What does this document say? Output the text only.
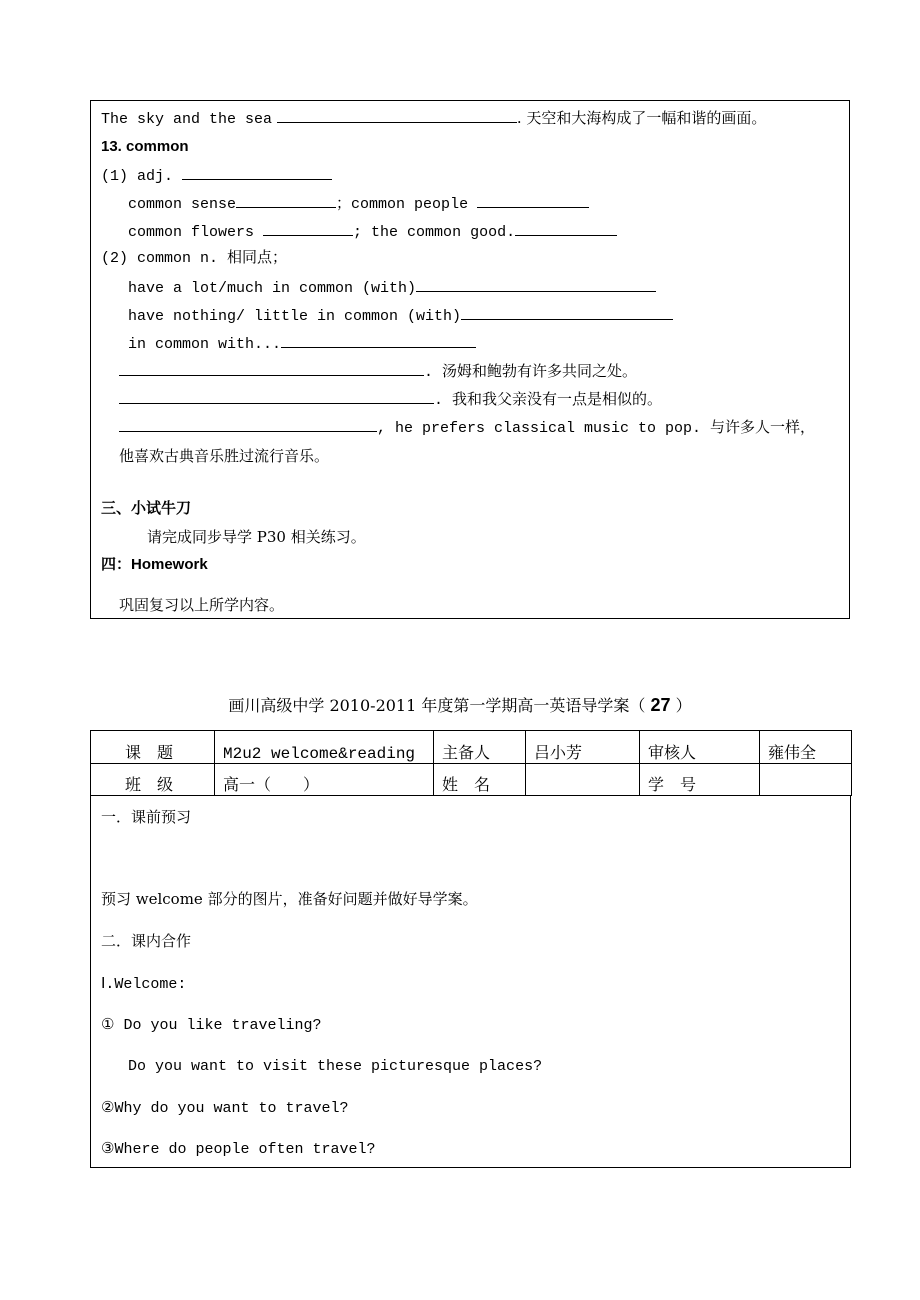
The sky and the sea	. 天空和大海构成了一幅和谐的画面。
13. common
(1) adj.
common sense	；common people
common flowers	; the common good.
(2) common n. 相同点；
have a lot/much in common (with)
have nothing/ little in common (with)
in common with...
. 汤姆和鲍勃有许多共同之处。
. 我和我父亲没有一点是相似的。
, he prefers classical music to pop. 与许多人一样，
他喜欢古典音乐胜过流行音乐。
三、小试牛刀
请完成同步导学 P30 相关练习。
四：Homework
巩固复习以上所学内容。
画川高级中学 2010-2011 年度第一学期高一英语导学案（ 27 ）
课　题	M2u2 welcome&reading	主备人	吕小芳	审核人	雍伟全
班　级	高一（　　）	姓　名		学　号	
一．课前预习
预习 welcome 部分的图片，准备好问题并做好导学案。
二．课内合作
Ⅰ.Welcome:
① Do you like traveling?
Do you want to visit these picturesque places?
②Why do you want to travel?
③Where do people often travel?
